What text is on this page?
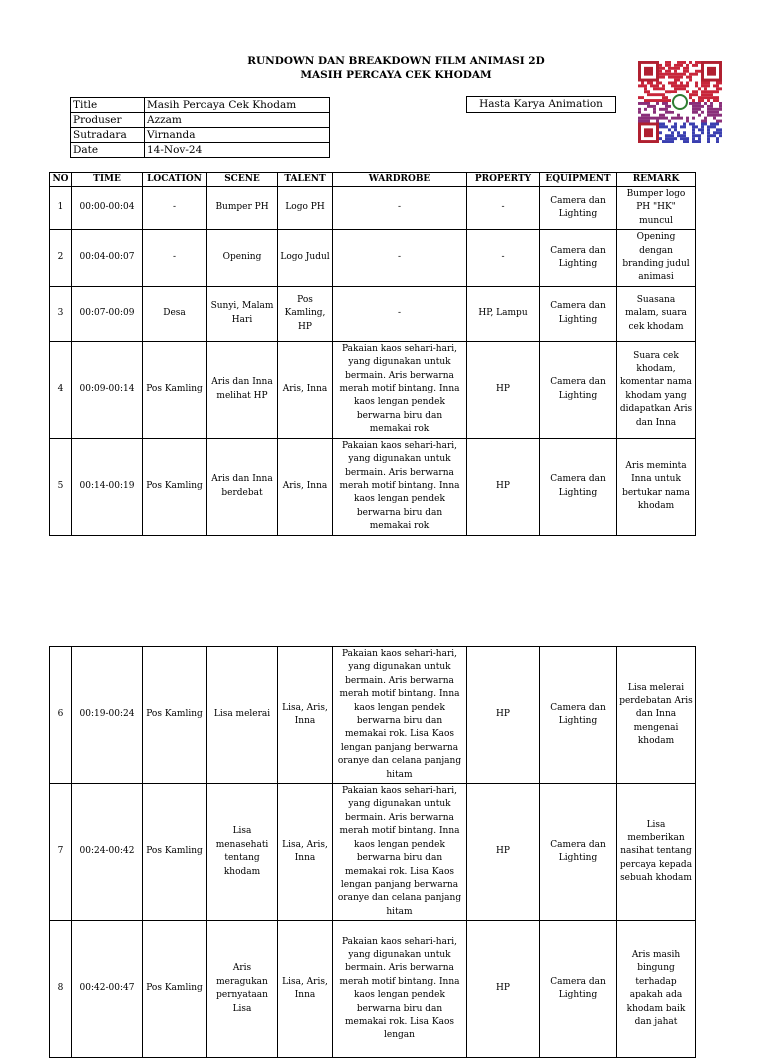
RUNDOWN DAN BREAKDOWN FILM ANIMASI 2D
MASIH PERCAYA CEK KHODAM
Title	Masih Percaya Cek Khodam
Produser	Azzam
Sutradara	Virnanda
Date	14-Nov-24
Hasta Karya Animation
NO	TIME	LOCATION	SCENE	TALENT	WARDROBE	PROPERTY	EQUIPMENT	REMARK
1	00:00-00:04	-	Bumper PH	Logo PH	-	-	Camera dan Lighting	Bumper logo PH "HK" muncul
2	00:04-00:07	-	Opening	Logo Judul	-	-	Camera dan Lighting	Opening dengan branding judul animasi
3	00:07-00:09	Desa	Sunyi, Malam Hari	Pos Kamling, HP	-	HP, Lampu	Camera dan Lighting	Suasana malam, suara cek khodam
4	00:09-00:14	Pos Kamling	Aris dan Inna melihat HP	Aris, Inna	Pakaian kaos sehari-hari, yang digunakan untuk bermain. Aris berwarna merah motif bintang. Inna kaos lengan pendek berwarna biru dan memakai rok	HP	Camera dan Lighting	Suara cek khodam, komentar nama khodam yang didapatkan Aris dan Inna
5	00:14-00:19	Pos Kamling	Aris dan Inna berdebat	Aris, Inna	Pakaian kaos sehari-hari, yang digunakan untuk bermain. Aris berwarna merah motif bintang. Inna kaos lengan pendek berwarna biru dan memakai rok	HP	Camera dan Lighting	Aris meminta Inna untuk bertukar nama khodam
6	00:19-00:24	Pos Kamling	Lisa melerai	Lisa, Aris, Inna	Pakaian kaos sehari-hari, yang digunakan untuk bermain. Aris berwarna merah motif bintang. Inna kaos lengan pendek berwarna biru dan memakai rok. Lisa Kaos lengan panjang berwarna oranye dan celana panjang hitam	HP	Camera dan Lighting	Lisa melerai perdebatan Aris dan Inna mengenai khodam
7	00:24-00:42	Pos Kamling	Lisa menasehati tentang khodam	Lisa, Aris, Inna	Pakaian kaos sehari-hari, yang digunakan untuk bermain. Aris berwarna merah motif bintang. Inna kaos lengan pendek berwarna biru dan memakai rok. Lisa Kaos lengan panjang berwarna oranye dan celana panjang hitam	HP	Camera dan Lighting	Lisa memberikan nasihat tentang percaya kepada sebuah khodam
8	00:42-00:47	Pos Kamling	Aris meragukan pernyataan Lisa	Lisa, Aris, Inna	Pakaian kaos sehari-hari, yang digunakan untuk bermain. Aris berwarna merah motif bintang. Inna kaos lengan pendek berwarna biru dan memakai rok. Lisa Kaos lengan	HP	Camera dan Lighting	Aris masih bingung terhadap apakah ada khodam baik dan jahat
